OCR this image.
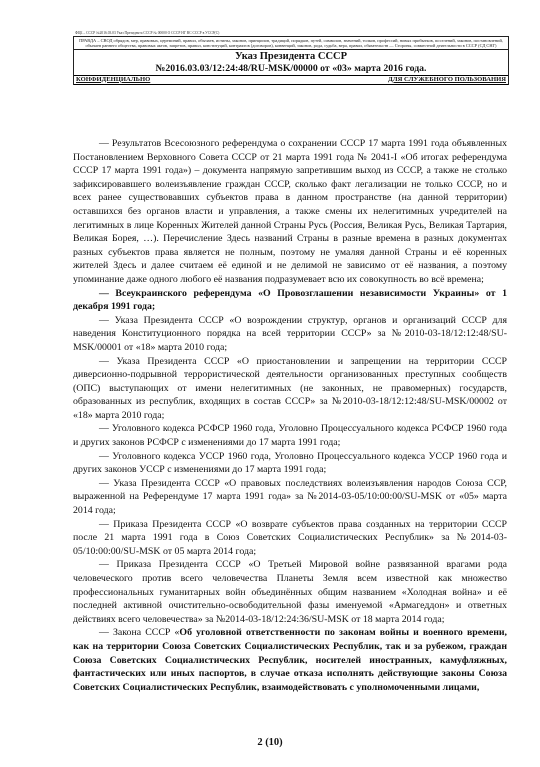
ФЦБ – СССР №2016.03.03 Указ Президента СССР № 00000 О СССР НГ ВС СССР в УССР(С)
ПРАВДА – СВОД обрядов, мер, правовых, церемоний, правил, обычаев, истины, законов, принципов, традиций, порядков, путей, символов, значений, толков, профессий, новых прибытков, поселений, законов, постановлений, обычаев раннего общества, правовых актов, запретов, правил, конституций, контрактов (договоров), конвенций, законов, рода, судьба, вера, правил, обязательств — Стороны, совместной деятельности в СССР (СД СНГ)
Указ Президента СССР
№2016.03.03/12:24:48/RU-MSK/00000 от «03» марта 2016 года.
КОНФИДЕНЦИАЛЬНО	ДЛЯ СЛУЖЕБНОГО ПОЛЬЗОВАНИЯ

— Результатов Всесоюзного референдума о сохранении СССР 17 марта 1991 года объявленных Постановлением Верховного Совета СССР от 21 марта 1991 года № 2041-I «Об итогах референдума СССР 17 марта 1991 года») – документа напрямую запретившим выход из СССР, а также не столько зафиксировавшего волеизъявление граждан СССР, сколько факт легализации не только СССР, но и всех ранее существовавших субъектов права в данном пространстве (на данной территории) оставшихся без органов власти и управления, а также смены их нелегитимных учредителей на легитимных в лице Коренных Жителей данной Страны Русь (Россия, Великая Русь, Великая Тартария, Великая Борея, …). Перечисление Здесь названий Страны в разные времена в разных документах разных субъектов права является не полным, поэтому не умаляя данной Страны и её коренных жителей Здесь и далее считаем её единой и не делимой не зависимо от её названия, а поэтому упоминание даже одного любого её названия подразумевает всю их совокупность во всё времена;

— Всеукраинского референдума «О Провозглашении независимости Украины» от 1 декабря 1991 года;

— Указа Президента СССР «О возрождении структур, органов и организаций СССР для наведения Конституционного порядка на всей территории СССР» за №2010-03-18/12:12:48/SU-MSK/00001 от «18» марта 2010 года;

— Указа Президента СССР «О приостановлении и запрещении на территории СССР диверсионно-подрывной террористической деятельности организованных преступных сообществ (ОПС) выступающих от имени нелегитимных (не законных, не правомерных) государств, образованных из республик, входящих в состав СССР» за №2010-03-18/12:12:48/SU-MSK/00002 от «18» марта 2010 года;

— Уголовного кодекса РСФСР 1960 года, Уголовно Процессуального кодекса РСФСР 1960 года и других законов РСФСР с изменениями до 17 марта 1991 года;

— Уголовного кодекса УССР 1960 года, Уголовно Процессуального кодекса УССР 1960 года и других законов УССР с изменениями до 17 марта 1991 года;

— Указа Президента СССР «О правовых последствиях волеизъявления народов Союза ССР, выраженной на Референдуме 17 марта 1991 года» за №2014-03-05/10:00:00/SU-MSK от «05» марта 2014 года;

— Приказа Президента СССР «О возврате субъектов права созданных на территории СССР после 21 марта 1991 года в Союз Советских Социалистических Республик» за №2014-03-05/10:00:00/SU-MSK от 05 марта 2014 года;

— Приказа Президента СССР «О Третьей Мировой войне развязанной врагами рода человеческого против всего человечества Планеты Земля всем известной как множество профессиональных гуманитарных войн объединённых общим названием «Холодная война» и её последней активной очистительно-освободительной фазы именуемой «Армагеддон» и ответных действиях всего человечества» за №2014-03-18/12:24:36/SU-MSK от 18 марта 2014 года;

— Закона СССР «Об уголовной ответственности по законам войны и военного времени, как на территории Союза Советских Социалистических Республик, так и за рубежом, граждан Союза Советских Социалистических Республик, носителей иностранных, камуфляжных, фантастических или иных паспортов, в случае отказа исполнять действующие законы Союза Советских Социалистических Республик, взаимодействовать с уполномоченными лицами,

2 (10)
